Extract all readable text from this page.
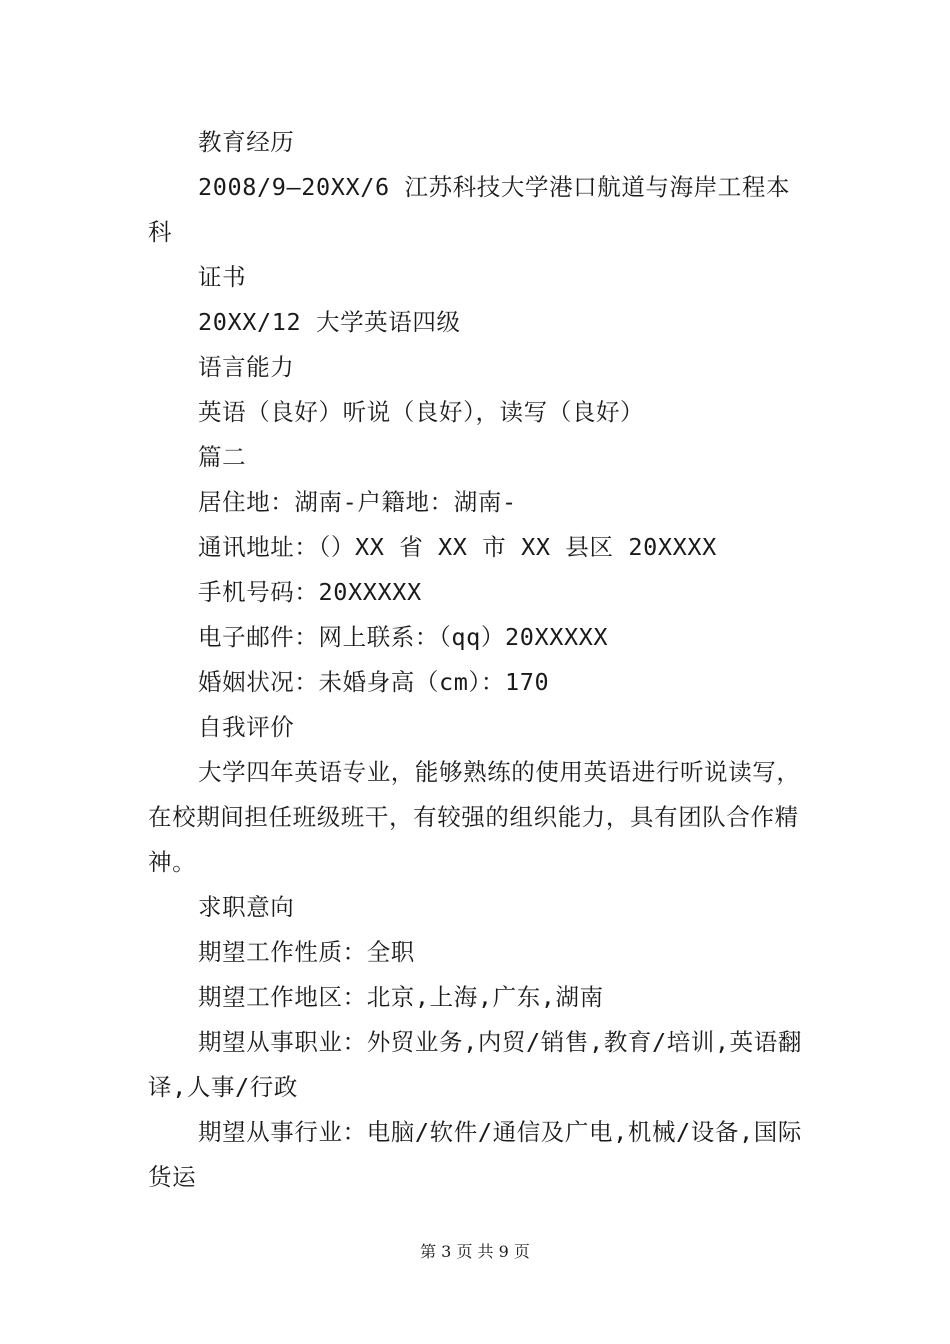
教育经历

2008/9—20XX/6 江苏科技大学港口航道与海岸工程本科

证书

20XX/12 大学英语四级

语言能力

英语（良好）听说（良好），读写（良好）

篇二

居住地：湖南-户籍地：湖南-

通讯地址：（）XX 省 XX 市 XX 县区 20XXXX

手机号码：20XXXXX

电子邮件：网上联系：（qq）20XXXXX

婚姻状况：未婚身高（cm）：170

自我评价

大学四年英语专业，能够熟练的使用英语进行听说读写，在校期间担任班级班干，有较强的组织能力，具有团队合作精神。

求职意向

期望工作性质：全职

期望工作地区：北京,上海,广东,湖南

期望从事职业：外贸业务,内贸/销售,教育/培训,英语翻译,人事/行政

期望从事行业：电脑/软件/通信及广电,机械/设备,国际货运

第 3 页 共 9 页
